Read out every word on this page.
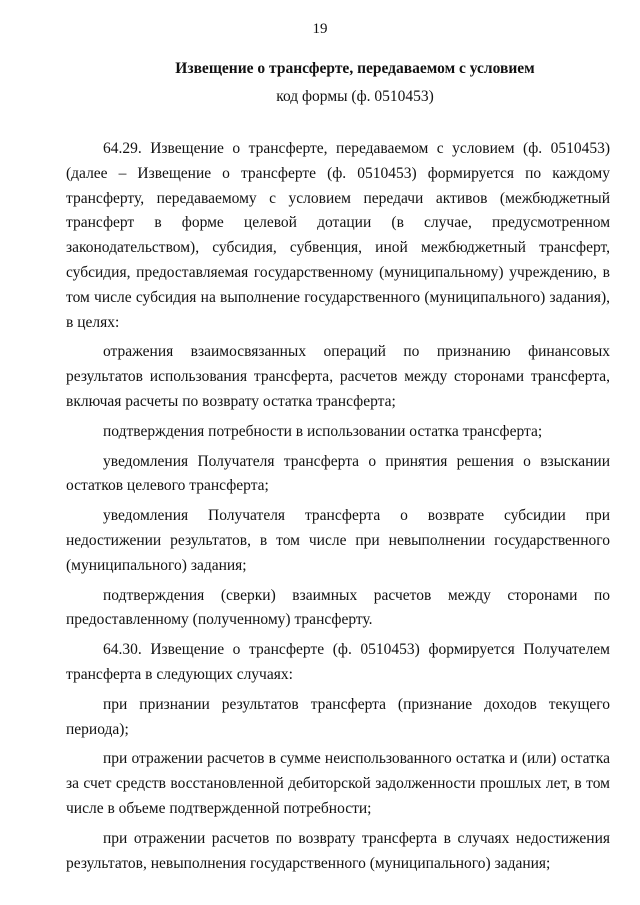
19
Извещение о трансферте, передаваемом с условием
код формы (ф. 0510453)

64.29. Извещение о трансферте, передаваемом с условием (ф. 0510453) (далее – Извещение о трансферте (ф. 0510453) формируется по каждому трансферту, передаваемому с условием передачи активов (межбюджетный трансферт в форме целевой дотации (в случае, предусмотренном законодательством), субсидия, субвенция, иной межбюджетный трансферт, субсидия, предоставляемая государственному (муниципальному) учреждению, в том числе субсидия на выполнение государственного (муниципального) задания), в целях:

отражения взаимосвязанных операций по признанию финансовых результатов использования трансферта, расчетов между сторонами трансферта, включая расчеты по возврату остатка трансферта;

подтверждения потребности в использовании остатка трансферта;

уведомления Получателя трансферта о принятия решения о взыскании остатков целевого трансферта;

уведомления Получателя трансферта о возврате субсидии при недостижении результатов, в том числе при невыполнении государственного (муниципального) задания;

подтверждения (сверки) взаимных расчетов между сторонами по предоставленному (полученному) трансферту.

64.30. Извещение о трансферте (ф. 0510453) формируется Получателем трансферта в следующих случаях:

при признании результатов трансферта (признание доходов текущего периода);

при отражении расчетов в сумме неиспользованного остатка и (или) остатка за счет средств восстановленной дебиторской задолженности прошлых лет, в том числе в объеме подтвержденной потребности;

при отражении расчетов по возврату трансферта в случаях недостижения результатов, невыполнения государственного (муниципального) задания;
